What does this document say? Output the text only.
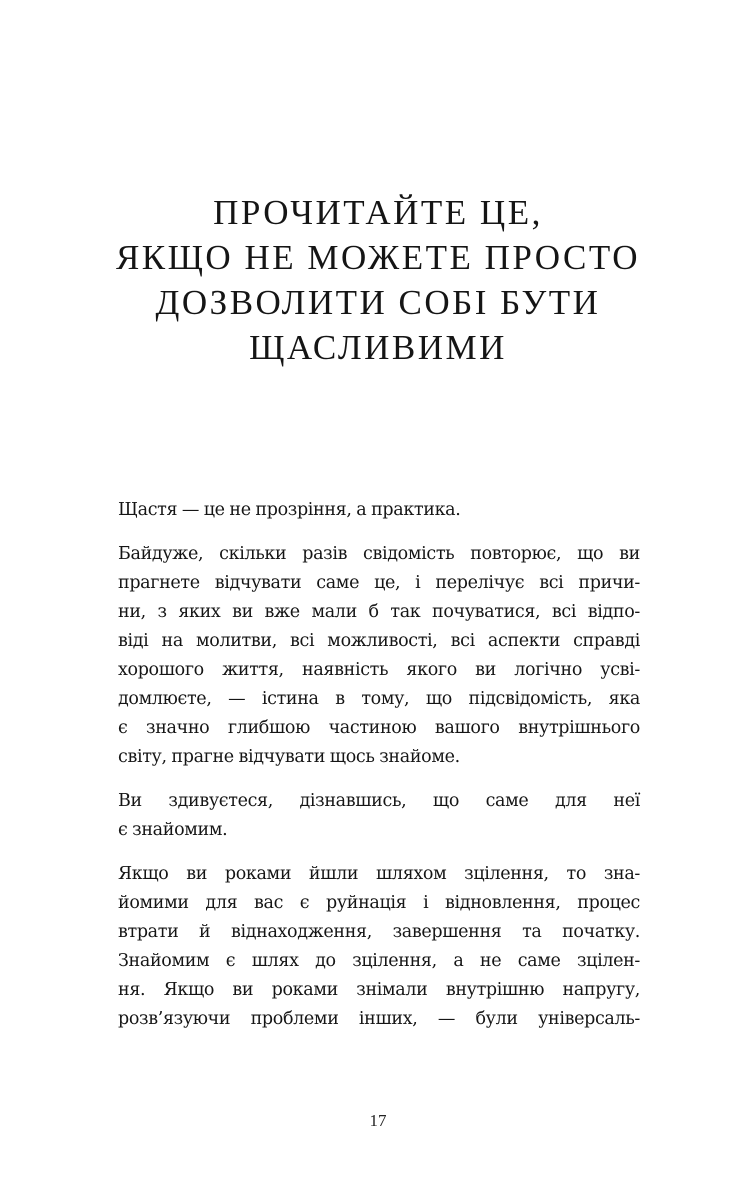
ПРОЧИТАЙТЕ ЦЕ,
ЯКЩО НЕ МОЖЕТЕ ПРОСТО
ДОЗВОЛИТИ СОБІ БУТИ
ЩАСЛИВИМИ

Щастя — це не прозріння, а практика.

Байдуже, скільки разів свідомість повторює, що ви
прагнете відчувати саме це, і перелічує всі причи-
ни, з яких ви вже мали б так почуватися, всі відпо-
віді на молитви, всі можливості, всі аспекти справді
хорошого життя, наявність якого ви логічно усві-
домлюєте, — істина в тому, що підсвідомість, яка
є значно глибшою частиною вашого внутрішнього
світу, прагне відчувати щось знайоме.

Ви здивуєтеся, дізнавшись, що саме для неї
є знайомим.

Якщо ви роками йшли шляхом зцілення, то зна-
йомими для вас є руйнація і відновлення, процес
втрати й віднаходження, завершення та початку.
Знайомим є шлях до зцілення, а не саме зцілен-
ня. Якщо ви роками знімали внутрішню напругу,
розв’язуючи проблеми інших, — були універсаль-

17
